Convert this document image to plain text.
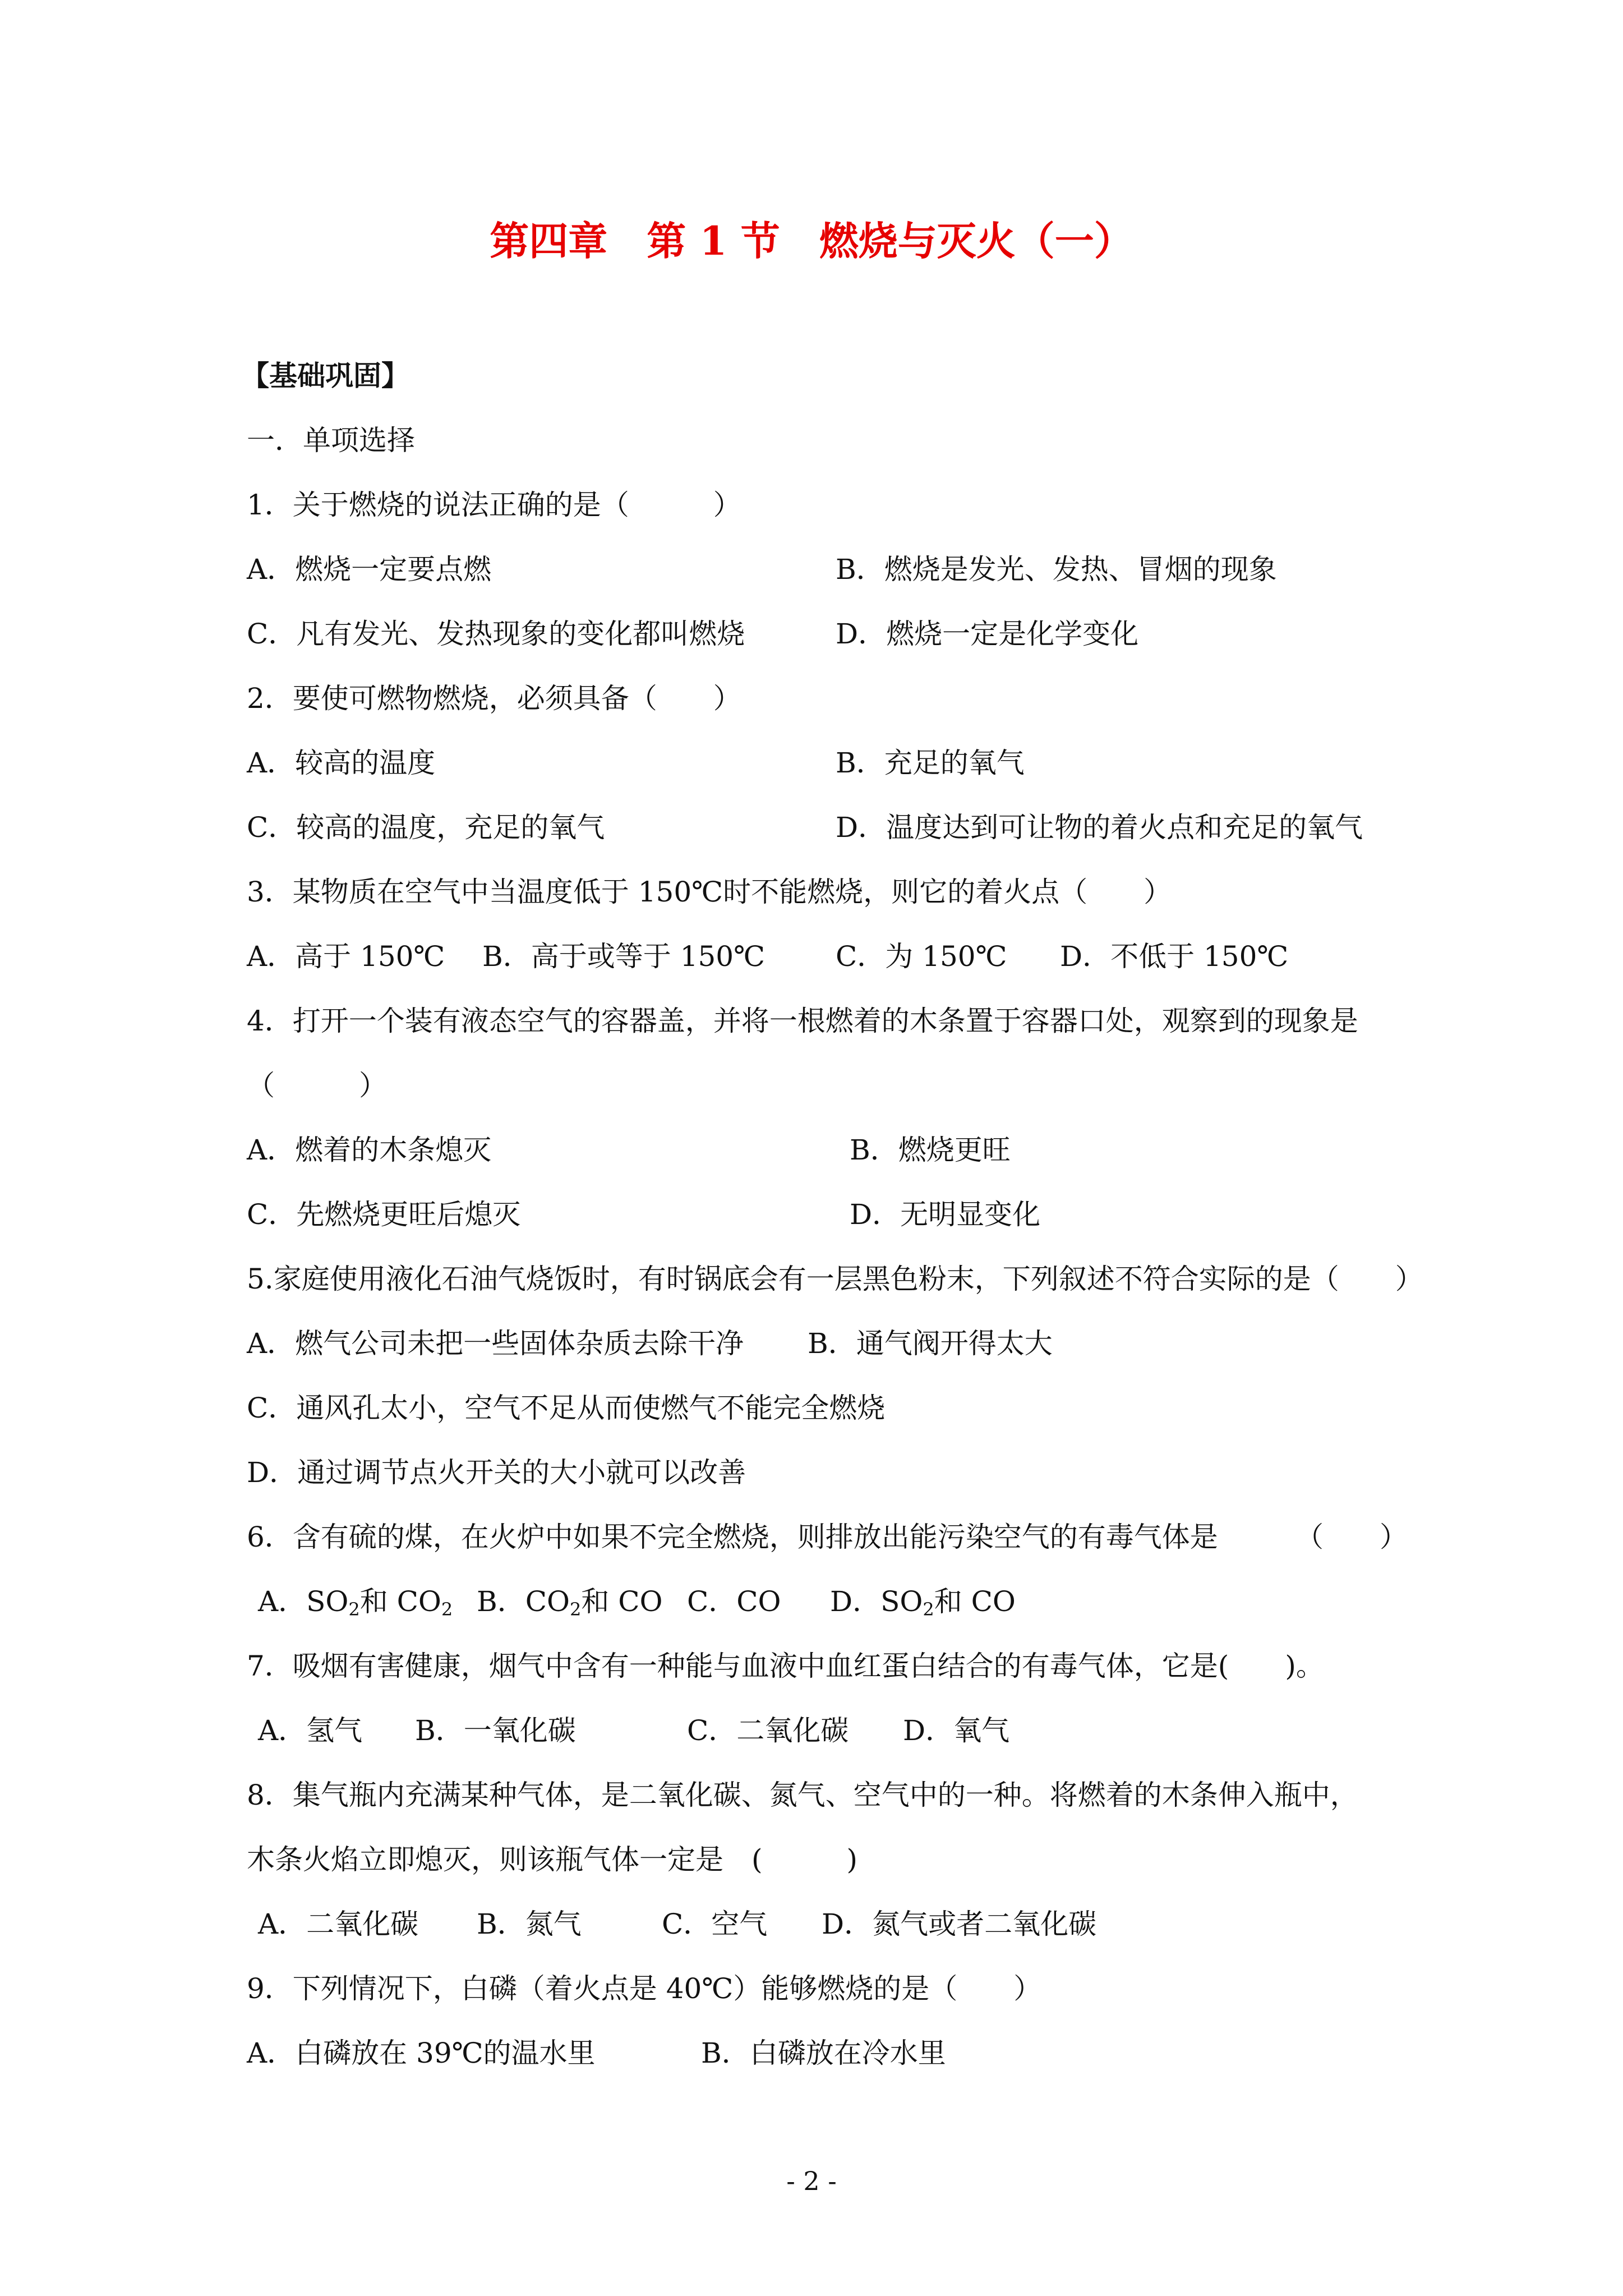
第四章　第 1 节　燃烧与灭火（一）
【基础巩固】
一．单项选择
1．关于燃烧的说法正确的是（　　　）
A．燃烧一定要点燃	B．燃烧是发光、发热、冒烟的现象
C．凡有发光、发热现象的变化都叫燃烧	D．燃烧一定是化学变化
2．要使可燃物燃烧，必须具备（　　）
A．较高的温度	B．充足的氧气
C．较高的温度，充足的氧气	D．温度达到可让物的着火点和充足的氧气
3．某物质在空气中当温度低于 150℃时不能燃烧，则它的着火点（　　）
A．高于 150℃ B．高于或等于 150℃	C．为 150℃ D．不低于 150℃
4．打开一个装有液态空气的容器盖，并将一根燃着的木条置于容器口处，观察到的现象是
（　　　）
A．燃着的木条熄灭	B．燃烧更旺
C．先燃烧更旺后熄灭	D．无明显变化
5.家庭使用液化石油气烧饭时，有时锅底会有一层黑色粉末，下列叙述不符合实际的是（　　）
A．燃气公司未把一些固体杂质去除干净 B．通气阀开得太大
C．通风孔太小，空气不足从而使燃气不能完全燃烧
D．通过调节点火开关的大小就可以改善
6．含有硫的煤，在火炉中如果不完全燃烧，则排放出能污染空气的有毒气体是	（　　）
A．$SO_2$和 $CO_2$ B．$CO_2$和 CO C．CO D．$SO_2$和 CO
7．吸烟有害健康，烟气中含有一种能与血液中血红蛋白结合的有毒气体，它是(　　)。
A．氢气 B．一氧化碳	C．二氧化碳 D．氧气
8．集气瓶内充满某种气体，是二氧化碳、氮气、空气中的一种。将燃着的木条伸入瓶中，
木条火焰立即熄灭，则该瓶气体一定是　(　　　)
A．二氧化碳 B．氮气	C．空气 D．氮气或者二氧化碳
9．下列情况下，白磷（着火点是 40℃）能够燃烧的是（　　）
A．白磷放在 39℃的温水里	B．白磷放在冷水里
- 2 -
